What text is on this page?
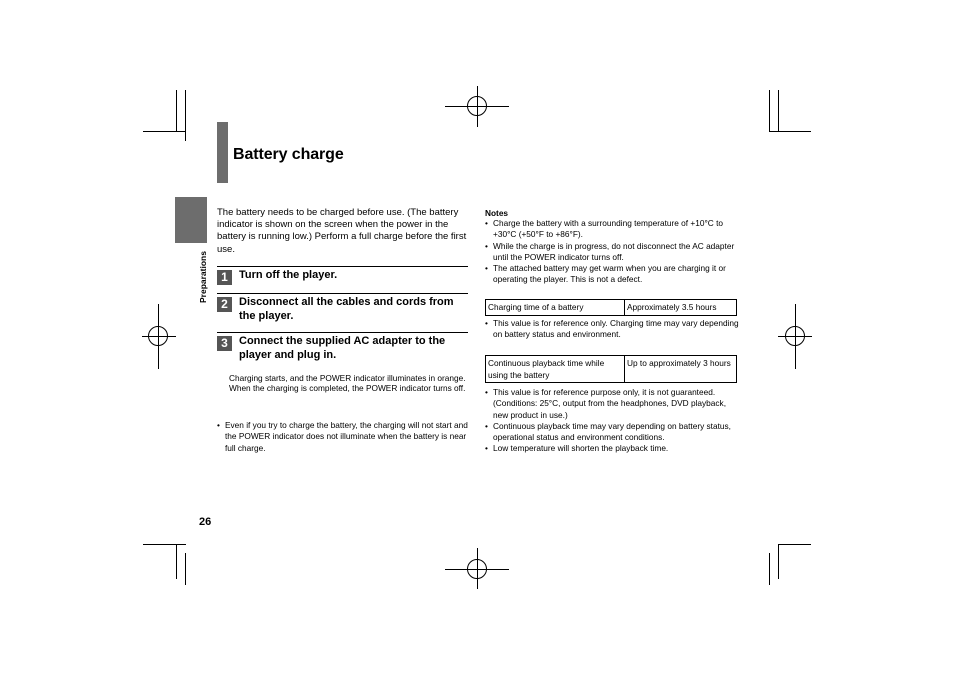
Battery charge
Preparations
The battery needs to be charged before use. (The battery indicator is shown on the screen when the power in the battery is running low.) Perform a full charge before the first use.
1	Turn off the player.
2	Disconnect all the cables and cords from the player.
3	Connect the supplied AC adapter to the player and plug in.
Charging starts, and the POWER indicator illuminates in orange.
When the charging is completed, the POWER indicator turns off.
• Even if you try to charge the battery, the charging will not start and the POWER indicator does not illuminate when the battery is near full charge.
Notes
• Charge the battery with a surrounding temperature of +10°C to +30°C (+50°F to +86°F).
• While the charge is in progress, do not disconnect the AC adapter until the POWER indicator turns off.
• The attached battery may get warm when you are charging it or operating the player. This is not a defect.
Charging time of a battery	Approximately 3.5 hours
• This value is for reference only. Charging time may vary depending on battery status and environment.
Continuous playback time while using the battery	Up to approximately 3 hours
• This value is for reference purpose only, it is not guaranteed. (Conditions: 25°C, output from the headphones, DVD playback, new product in use.)
• Continuous playback time may vary depending on battery status, operational status and environment conditions.
• Low temperature will shorten the playback time.
26
